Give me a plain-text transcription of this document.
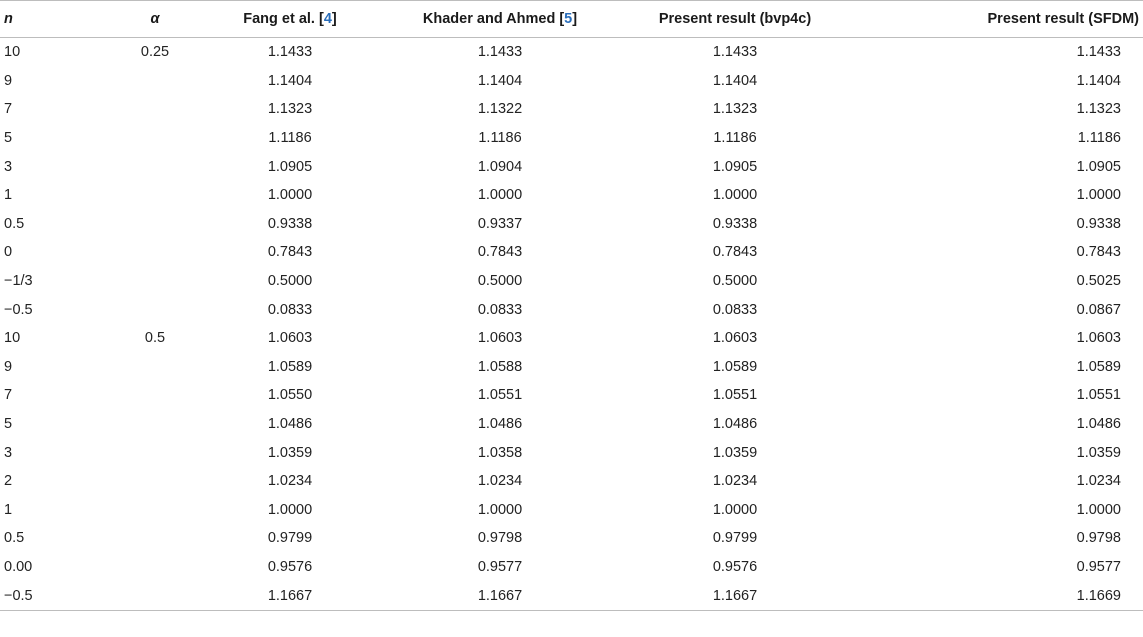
n	α	Fang et al. [4]	Khader and Ahmed [5]	Present result (bvp4c)	Present result (SFDM)
10	0.25	1.1433	1.1433	1.1433	1.1433
9		1.1404	1.1404	1.1404	1.1404
7		1.1323	1.1322	1.1323	1.1323
5		1.1186	1.1186	1.1186	1.1186
3		1.0905	1.0904	1.0905	1.0905
1		1.0000	1.0000	1.0000	1.0000
0.5		0.9338	0.9337	0.9338	0.9338
0		0.7843	0.7843	0.7843	0.7843
−1/3		0.5000	0.5000	0.5000	0.5025
−0.5		0.0833	0.0833	0.0833	0.0867
10	0.5	1.0603	1.0603	1.0603	1.0603
9		1.0589	1.0588	1.0589	1.0589
7		1.0550	1.0551	1.0551	1.0551
5		1.0486	1.0486	1.0486	1.0486
3		1.0359	1.0358	1.0359	1.0359
2		1.0234	1.0234	1.0234	1.0234
1		1.0000	1.0000	1.0000	1.0000
0.5		0.9799	0.9798	0.9799	0.9798
0.00		0.9576	0.9577	0.9576	0.9577
−0.5		1.1667	1.1667	1.1667	1.1669
